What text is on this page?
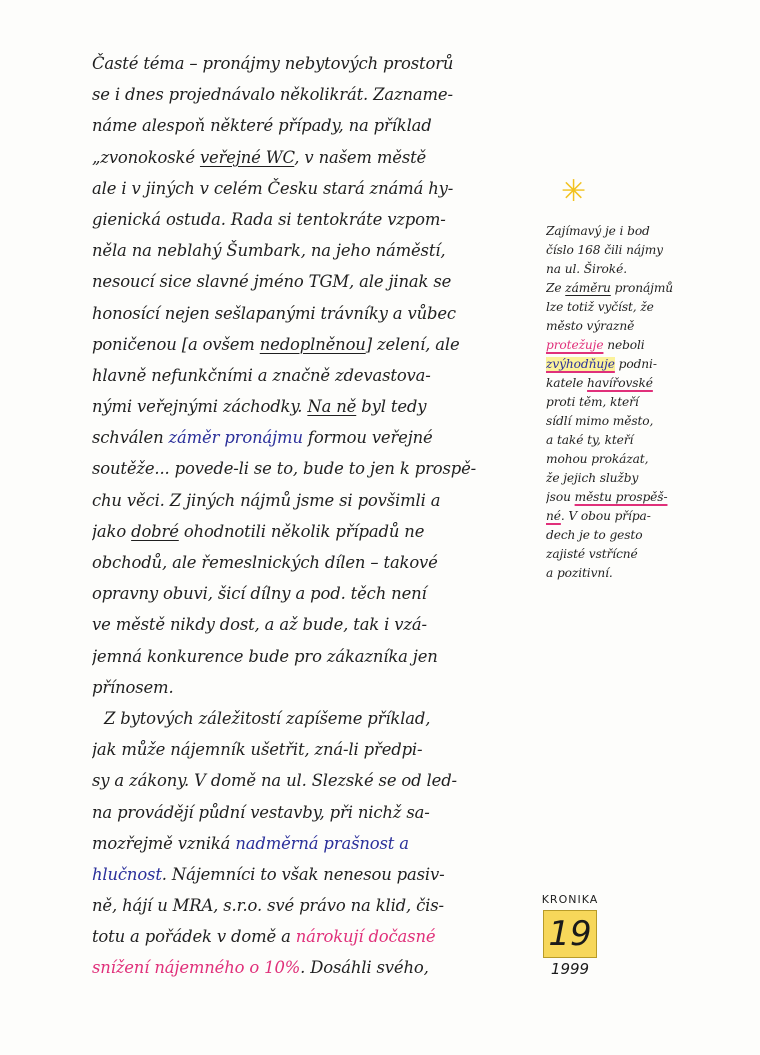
Časté téma – pronájmy nebytových prostorů
se i dnes projednávalo několikrát. Zazname-
náme alespoň některé případy, na příklad
„zvonokoské veřejné WC, v našem městě
ale i v jiných v celém Česku stará známá hy-
gienická ostuda. Rada si tentokráte vzpom-
něla na neblahý Šumbark, na jeho náměstí,
nesoucí sice slavné jméno TGM, ale jinak se
honosící nejen sešlapanými trávníky a vůbec
poničenou [a ovšem nedoplněnou] zelení, ale
hlavně nefunkčními a značně zdevastova-
nými veřejnými záchodky. Na ně byl tedy
schválen záměr pronájmu formou veřejné
soutěže... povede-li se to, bude to jen k prospě-
chu věci. Z jiných nájmů jsme si povšimli a
jako dobré ohodnotili několik případů ne
obchodů, ale řemeslnických dílen – takové
opravny obuvi, šicí dílny a pod. těch není
ve městě nikdy dost, a až bude, tak i vzá-
jemná konkurence bude pro zákazníka jen
přínosem.
Z bytových záležitostí zapíšeme příklad,
jak může nájemník ušetřit, zná-li předpi-
sy a zákony. V domě na ul. Slezské se od led-
na provádějí půdní vestavby, při nichž sa-
mozřejmě vzniká nadměrná prašnost a
hlučnost. Nájemníci to však nenesou pasiv-
ně, hájí u MRA, s.r.o. své právo na klid, čis-
totu a pořádek v domě a nárokují dočasné
snížení nájemného o 10%. Dosáhli svého,
✳
Zajímavý je i bod
číslo 168 čili nájmy
na ul. Široké.
Ze záměru pronájmů
lze totiž vyčíst, že
město výrazně
protežuje neboli
zvýhodňuje podni-
katele havířovské
proti těm, kteří
sídlí mimo město,
a také ty, kteří
mohou prokázat,
že jejich služby
jsou městu prospěš-
né. V obou přípa-
dech je to gesto
zajisté vstřícné
a pozitivní.
KRONIKA
19
1999
